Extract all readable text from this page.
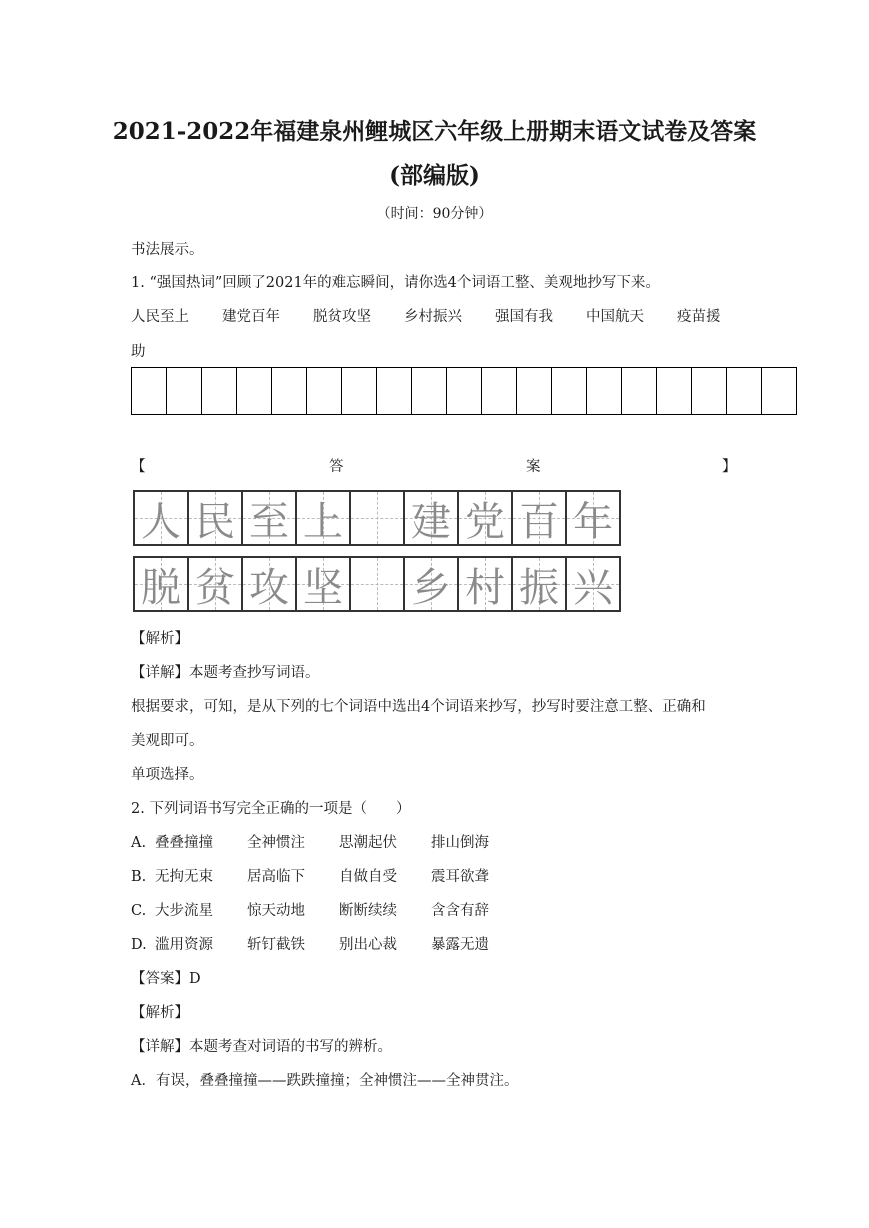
2021-2022年福建泉州鲤城区六年级上册期末语文试卷及答案(部编版)
（时间：90分钟）
书法展示。
1. “强国热词”回顾了2021年的难忘瞬间，请你选4个词语工整、美观地抄写下来。
人民至上 建党百年 脱贫攻坚 乡村振兴 强国有我 中国航天 疫苗援
助
【	答	案	】
人 民 至 上 建 党 百 年
脱 贫 攻 坚 乡 村 振 兴
【解析】
【详解】本题考查抄写词语。
根据要求，可知，是从下列的七个词语中选出4个词语来抄写，抄写时要注意工整、正确和
美观即可。
单项选择。
2. 下列词语书写完全正确的一项是（　　）
A. 叠叠撞撞 全神惯注 思潮起伏 排山倒海
B. 无拘无束 居高临下 自做自受 震耳欲聋
C. 大步流星 惊天动地 断断续续 含含有辞
D. 滥用资源 斩钉截铁 别出心裁 暴露无遗
【答案】D
【解析】
【详解】本题考查对词语的书写的辨析。
A．有误，叠叠撞撞——跌跌撞撞；全神惯注——全神贯注。
